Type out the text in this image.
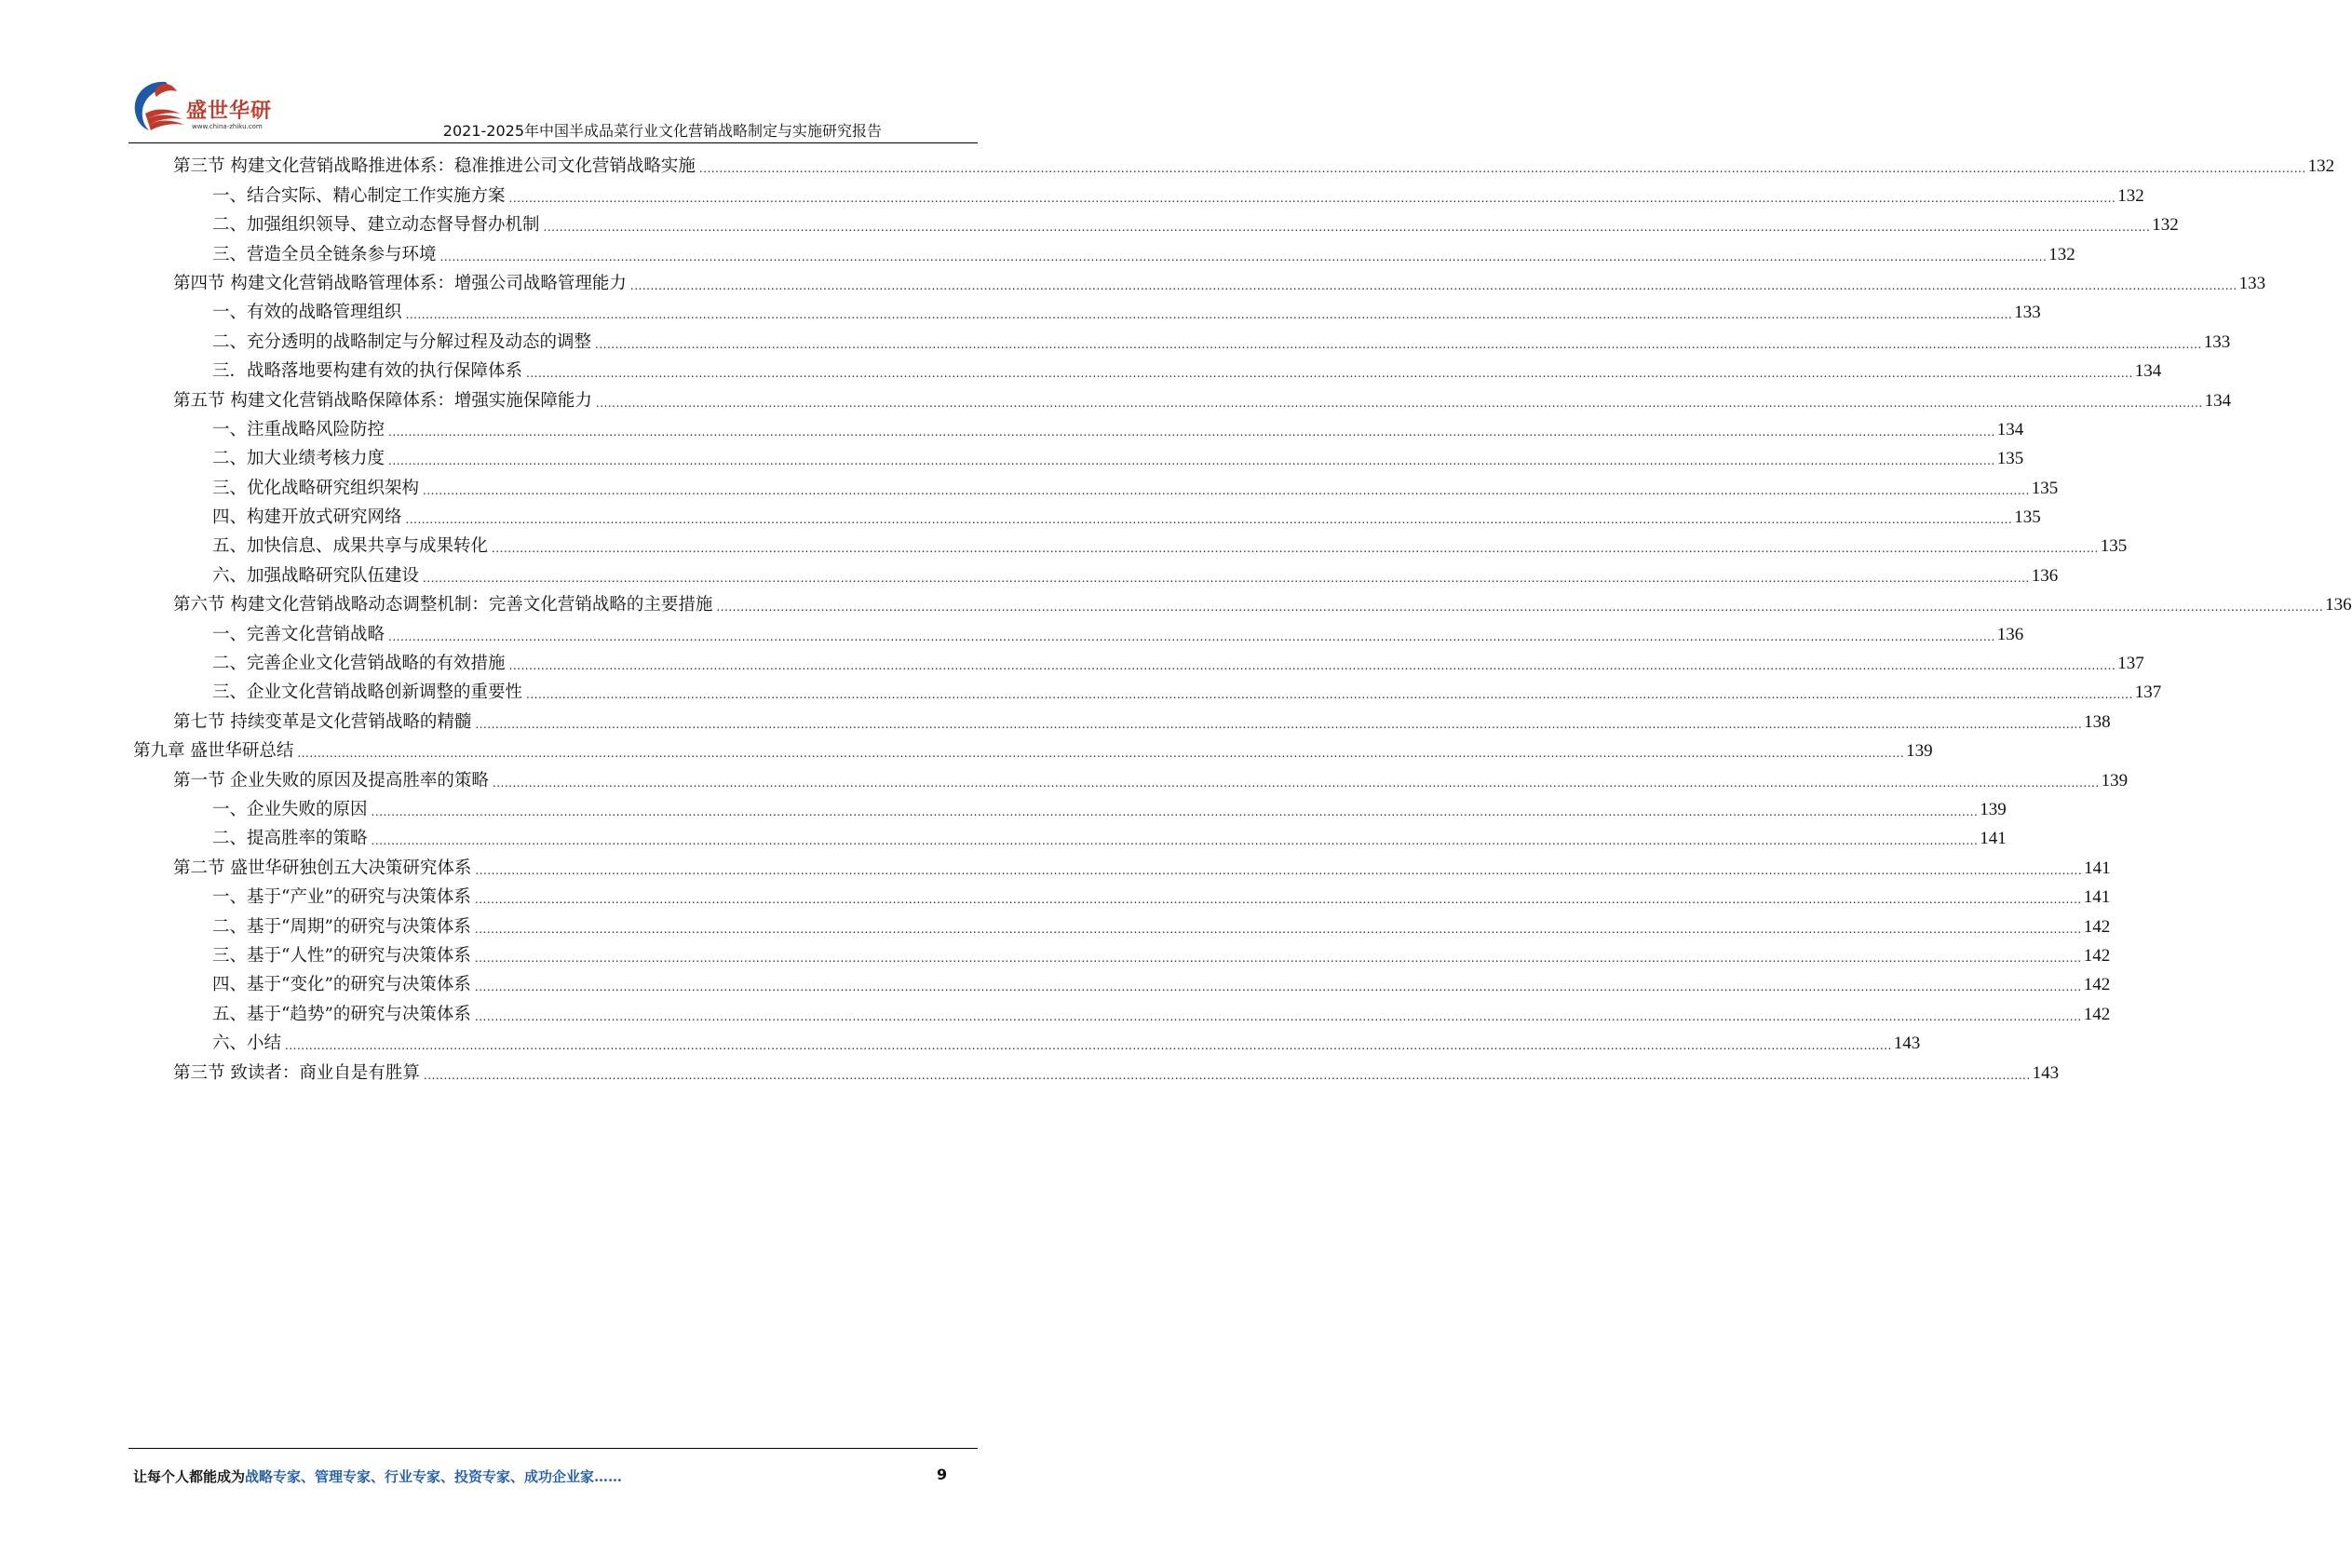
盛世华研
www.china-zhiku.com	2021-2025年中国半成品菜行业文化营销战略制定与实施研究报告
第三节 构建文化营销战略推进体系：稳准推进公司文化营销战略实施 ................................................................................................................................................................................................................................................................................................................................................................................................................ 132
一、结合实际、精心制定工作实施方案 ................................................................................................................................................................................................................................................................................................................................................................................................................ 132
二、加强组织领导、建立动态督导督办机制 ................................................................................................................................................................................................................................................................................................................................................................................................................ 132
三、营造全员全链条参与环境 ................................................................................................................................................................................................................................................................................................................................................................................................................ 132
第四节 构建文化营销战略管理体系：增强公司战略管理能力 ................................................................................................................................................................................................................................................................................................................................................................................................................ 133
一、有效的战略管理组织 ................................................................................................................................................................................................................................................................................................................................................................................................................ 133
二、充分透明的战略制定与分解过程及动态的调整 ................................................................................................................................................................................................................................................................................................................................................................................................................ 133
三．战略落地要构建有效的执行保障体系 ................................................................................................................................................................................................................................................................................................................................................................................................................ 134
第五节 构建文化营销战略保障体系：增强实施保障能力 ................................................................................................................................................................................................................................................................................................................................................................................................................ 134
一、注重战略风险防控 ................................................................................................................................................................................................................................................................................................................................................................................................................ 134
二、加大业绩考核力度 ................................................................................................................................................................................................................................................................................................................................................................................................................ 135
三、优化战略研究组织架构 ................................................................................................................................................................................................................................................................................................................................................................................................................ 135
四、构建开放式研究网络 ................................................................................................................................................................................................................................................................................................................................................................................................................ 135
五、加快信息、成果共享与成果转化 ................................................................................................................................................................................................................................................................................................................................................................................................................ 135
六、加强战略研究队伍建设 ................................................................................................................................................................................................................................................................................................................................................................................................................ 136
第六节 构建文化营销战略动态调整机制：完善文化营销战略的主要措施 ................................................................................................................................................................................................................................................................................................................................................................................................................ 136
一、完善文化营销战略 ................................................................................................................................................................................................................................................................................................................................................................................................................ 136
二、完善企业文化营销战略的有效措施 ................................................................................................................................................................................................................................................................................................................................................................................................................ 137
三、企业文化营销战略创新调整的重要性 ................................................................................................................................................................................................................................................................................................................................................................................................................ 137
第七节 持续变革是文化营销战略的精髓 ................................................................................................................................................................................................................................................................................................................................................................................................................ 138
第九章 盛世华研总结 ................................................................................................................................................................................................................................................................................................................................................................................................................ 139
第一节 企业失败的原因及提高胜率的策略 ................................................................................................................................................................................................................................................................................................................................................................................................................ 139
一、企业失败的原因 ................................................................................................................................................................................................................................................................................................................................................................................................................ 139
二、提高胜率的策略 ................................................................................................................................................................................................................................................................................................................................................................................................................ 141
第二节 盛世华研独创五大决策研究体系 ................................................................................................................................................................................................................................................................................................................................................................................................................ 141
一、基于“产业”的研究与决策体系 ................................................................................................................................................................................................................................................................................................................................................................................................................ 141
二、基于“周期”的研究与决策体系 ................................................................................................................................................................................................................................................................................................................................................................................................................ 142
三、基于“人性”的研究与决策体系 ................................................................................................................................................................................................................................................................................................................................................................................................................ 142
四、基于“变化”的研究与决策体系 ................................................................................................................................................................................................................................................................................................................................................................................................................ 142
五、基于“趋势”的研究与决策体系 ................................................................................................................................................................................................................................................................................................................................................................................................................ 142
六、小结 ................................................................................................................................................................................................................................................................................................................................................................................................................ 143
第三节 致读者：商业自是有胜算 ................................................................................................................................................................................................................................................................................................................................................................................................................ 143
让每个人都能成为战略专家、管理专家、行业专家、投资专家、成功企业家……	9
